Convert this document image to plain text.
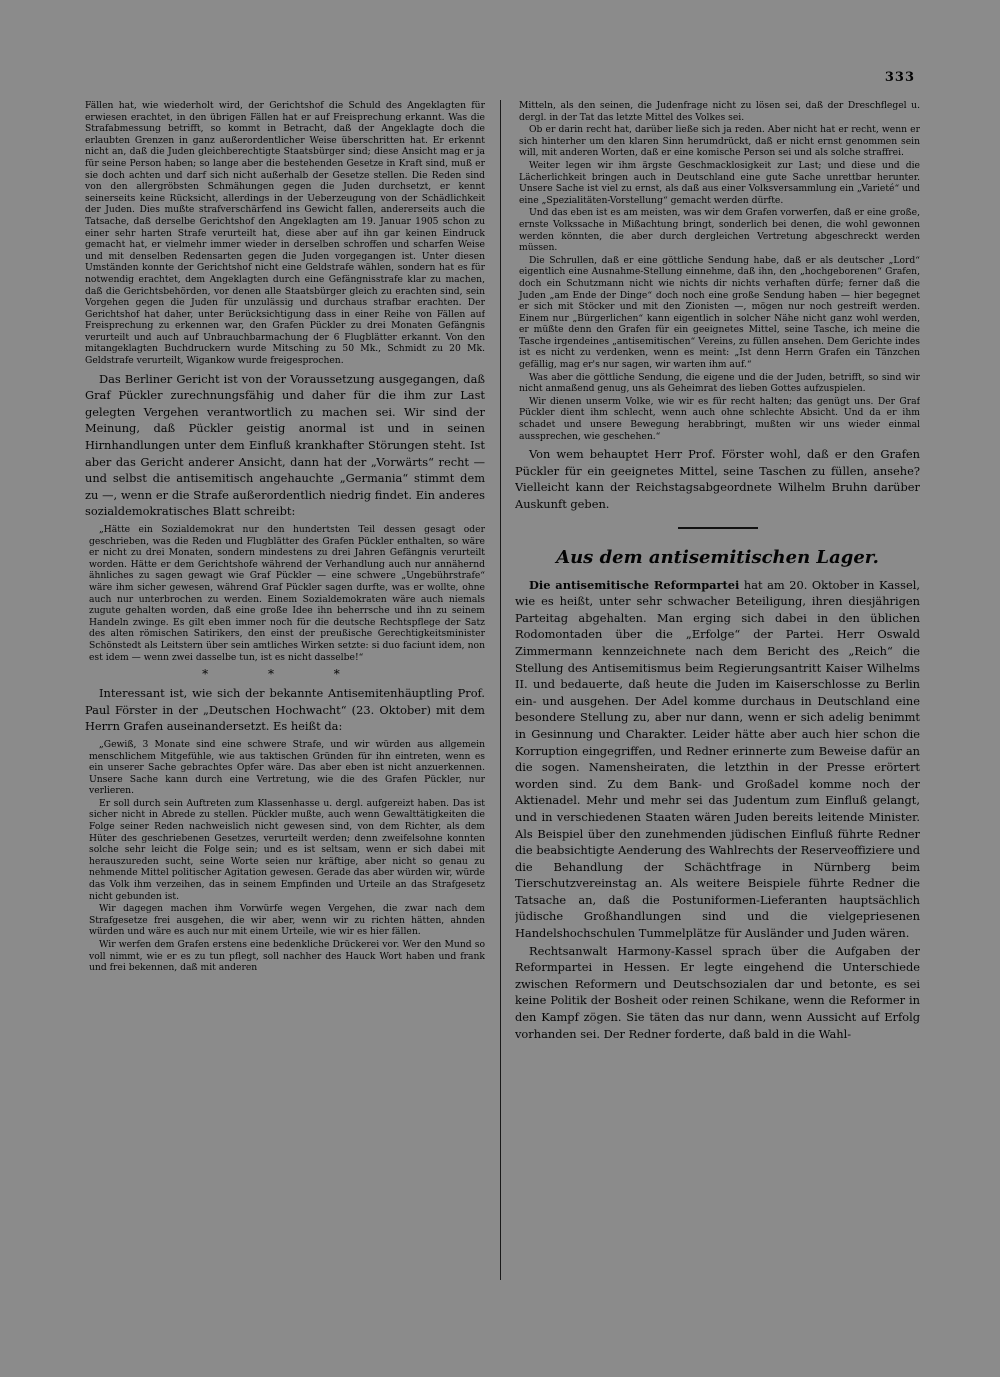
333

Fällen hat, wie wiederholt wird, der Gerichtshof die Schuld des Angeklagten für erwiesen erachtet, in den übrigen Fällen hat er auf Freisprechung erkannt. Was die Strafabmessung betrifft, so kommt in Betracht, daß der Angeklagte doch die erlaubten Grenzen in ganz außerordentlicher Weise überschritten hat. Er erkennt nicht an, daß die Juden gleichberechtigte Staatsbürger sind; diese Ansicht mag er ja für seine Person haben; so lange aber die bestehenden Gesetze in Kraft sind, muß er sie doch achten und darf sich nicht außerhalb der Gesetze stellen. Die Reden sind von den allergröbsten Schmähungen gegen die Juden durchsetzt, er kennt seinerseits keine Rücksicht, allerdings in der Ueberzeugung von der Schädlichkeit der Juden. Dies mußte strafverschärfend ins Gewicht fallen, andererseits auch die Tatsache, daß derselbe Gerichtshof den Angeklagten am 19. Januar 1905 schon zu einer sehr harten Strafe verurteilt hat, diese aber auf ihn gar keinen Eindruck gemacht hat, er vielmehr immer wieder in derselben schroffen und scharfen Weise und mit denselben Redensarten gegen die Juden vorgegangen ist. Unter diesen Umständen konnte der Gerichtshof nicht eine Geldstrafe wählen, sondern hat es für notwendig erachtet, dem Angeklagten durch eine Gefängnisstrafe klar zu machen, daß die Gerichtsbehörden, vor denen alle Staatsbürger gleich zu erachten sind, sein Vorgehen gegen die Juden für unzulässig und durchaus strafbar erachten. Der Gerichtshof hat daher, unter Berücksichtigung dass in einer Reihe von Fällen auf Freisprechung zu erkennen war, den Grafen Pückler zu drei Monaten Gefängnis verurteilt und auch auf Unbrauchbarmachung der 6 Flugblätter erkannt. Von den mitangeklagten Buchdruckern wurde Mitsching zu 50 Mk., Schmidt zu 20 Mk. Geldstrafe verurteilt, Wigankow wurde freigesprochen.

Das Berliner Gericht ist von der Voraussetzung ausgegangen, daß Graf Pückler zurechnungsfähig und daher für die ihm zur Last gelegten Vergehen verantwortlich zu machen sei. Wir sind der Meinung, daß Pückler geistig anormal ist und in seinen Hirnhandlungen unter dem Einfluß krankhafter Störungen steht. Ist aber das Gericht anderer Ansicht, dann hat der „Vorwärts“ recht — und selbst die antisemitisch angehauchte „Germania“ stimmt dem zu —, wenn er die Strafe außerordentlich niedrig findet. Ein anderes sozialdemokratisches Blatt schreibt:

„Hätte ein Sozialdemokrat nur den hundertsten Teil dessen gesagt oder geschrieben, was die Reden und Flugblätter des Grafen Pückler enthalten, so wäre er nicht zu drei Monaten, sondern mindestens zu drei Jahren Gefängnis verurteilt worden. Hätte er dem Gerichtshofe während der Verhandlung auch nur annähernd ähnliches zu sagen gewagt wie Graf Pückler — eine schwere „Ungebührstrafe“ wäre ihm sicher gewesen, während Graf Pückler sagen durfte, was er wollte, ohne auch nur unterbrochen zu werden. Einem Sozialdemokraten wäre auch niemals zugute gehalten worden, daß eine große Idee ihn beherrsche und ihn zu seinem Handeln zwinge. Es gilt eben immer noch für die deutsche Rechtspflege der Satz des alten römischen Satirikers, den einst der preußische Gerechtigkeitsminister Schönstedt als Leitstern über sein amtliches Wirken setzte: si duo faciunt idem, non est idem — wenn zwei dasselbe tun, ist es nicht dasselbe!“

* * *

Interessant ist, wie sich der bekannte Antisemitenhäuptling Prof. Paul Förster in der „Deutschen Hochwacht“ (23. Oktober) mit dem Herrn Grafen auseinandersetzt. Es heißt da:

„Gewiß, 3 Monate sind eine schwere Strafe, und wir würden aus allgemein menschlichem Mitgefühle, wie aus taktischen Gründen für ihn eintreten, wenn es ein unserer Sache gebrachtes Opfer wäre. Das aber eben ist nicht anzuerkennen. Unsere Sache kann durch eine Vertretung, wie die des Grafen Pückler, nur verlieren.

Er soll durch sein Auftreten zum Klassenhasse u. dergl. aufgereizt haben. Das ist sicher nicht in Abrede zu stellen. Pückler mußte, auch wenn Gewalttätigkeiten die Folge seiner Reden nachweislich nicht gewesen sind, von dem Richter, als dem Hüter des geschriebenen Gesetzes, verurteilt werden; denn zweifelsohne konnten solche sehr leicht die Folge sein; und es ist seltsam, wenn er sich dabei mit herauszureden sucht, seine Worte seien nur kräftige, aber nicht so genau zu nehmende Mittel politischer Agitation gewesen. Gerade das aber würden wir, würde das Volk ihm verzeihen, das in seinem Empfinden und Urteile an das Strafgesetz nicht gebunden ist.

Wir dagegen machen ihm Vorwürfe wegen Vergehen, die zwar nach dem Strafgesetze frei ausgehen, die wir aber, wenn wir zu richten hätten, ahnden würden und wäre es auch nur mit einem Urteile, wie wir es hier fällen.

Wir werfen dem Grafen erstens eine bedenkliche Drückerei vor. Wer den Mund so voll nimmt, wie er es zu tun pflegt, soll nachher des Hauck Wort haben und frank und frei bekennen, daß mit anderen

Mitteln, als den seinen, die Judenfrage nicht zu lösen sei, daß der Dreschflegel u. dergl. in der Tat das letzte Mittel des Volkes sei.

Ob er darin recht hat, darüber ließe sich ja reden. Aber nicht hat er recht, wenn er sich hinterher um den klaren Sinn herumdrückt, daß er nicht ernst genommen sein will, mit anderen Worten, daß er eine komische Person sei und als solche straffrei.

Weiter legen wir ihm ärgste Geschmacklosigkeit zur Last; und diese und die Lächerlichkeit bringen auch in Deutschland eine gute Sache unrettbar herunter. Unsere Sache ist viel zu ernst, als daß aus einer Volksversammlung ein „Varieté“ und eine „Spezialitäten-Vorstellung“ gemacht werden dürfte.

Und das eben ist es am meisten, was wir dem Grafen vorwerfen, daß er eine große, ernste Volkssache in Mißachtung bringt, sonderlich bei denen, die wohl gewonnen werden könnten, die aber durch dergleichen Vertretung abgeschreckt werden müssen.

Die Schrullen, daß er eine göttliche Sendung habe, daß er als deutscher „Lord“ eigentlich eine Ausnahme-Stellung einnehme, daß ihn, den „hochgeborenen“ Grafen, doch ein Schutzmann nicht wie nichts dir nichts verhaften dürfe; ferner daß die Juden „am Ende der Dinge“ doch noch eine große Sendung haben — hier begegnet er sich mit Stöcker und mit den Zionisten —, mögen nur noch gestreift werden. Einem nur „Bürgerlichen“ kann eigentlich in solcher Nähe nicht ganz wohl werden, er müßte denn den Grafen für ein geeignetes Mittel, seine Tasche, ich meine die Tasche irgendeines „antisemitischen“ Vereins, zu füllen ansehen. Dem Gerichte indes ist es nicht zu verdenken, wenn es meint: „Ist denn Herrn Grafen ein Tänzchen gefällig, mag er's nur sagen, wir warten ihm auf.“

Was aber die göttliche Sendung, die eigene und die der Juden, betrifft, so sind wir nicht anmaßend genug, uns als Geheimrat des lieben Gottes aufzuspielen.

Wir dienen unserm Volke, wie wir es für recht halten; das genügt uns. Der Graf Pückler dient ihm schlecht, wenn auch ohne schlechte Absicht. Und da er ihm schadet und unsere Bewegung herabbringt, mußten wir uns wieder einmal aussprechen, wie geschehen.“

Von wem behauptet Herr Prof. Förster wohl, daß er den Grafen Pückler für ein geeignetes Mittel, seine Taschen zu füllen, ansehe? Vielleicht kann der Reichstagsabgeordnete Wilhelm Bruhn darüber Auskunft geben.

Aus dem antisemitischen Lager.

Die antisemitische Reformpartei hat am 20. Oktober in Kassel, wie es heißt, unter sehr schwacher Beteiligung, ihren diesjährigen Parteitag abgehalten. Man erging sich dabei in den üblichen Rodomontaden über die „Erfolge“ der Partei. Herr Oswald Zimmermann kennzeichnete nach dem Bericht des „Reich“ die Stellung des Antisemitismus beim Regierungsantritt Kaiser Wilhelms II. und bedauerte, daß heute die Juden im Kaiserschlosse zu Berlin ein- und ausgehen. Der Adel komme durchaus in Deutschland eine besondere Stellung zu, aber nur dann, wenn er sich adelig benimmt in Gesinnung und Charakter. Leider hätte aber auch hier schon die Korruption eingegriffen, und Redner erinnerte zum Beweise dafür an die sogen. Namensheiraten, die letzthin in der Presse erörtert worden sind. Zu dem Bank- und Großadel komme noch der Aktienadel. Mehr und mehr sei das Judentum zum Einfluß gelangt, und in verschiedenen Staaten wären Juden bereits leitende Minister. Als Beispiel über den zunehmenden jüdischen Einfluß führte Redner die beabsichtigte Aenderung des Wahlrechts der Reserveoffiziere und die Behandlung der Schächtfrage in Nürnberg beim Tierschutzvereinstag an. Als weitere Beispiele führte Redner die Tatsache an, daß die Postuniformen-Lieferanten hauptsächlich jüdische Großhandlungen sind und die vielgepriesenen Handelshochschulen Tummelplätze für Ausländer und Juden wären.

Rechtsanwalt Harmony-Kassel sprach über die Aufgaben der Reformpartei in Hessen. Er legte eingehend die Unterschiede zwischen Reformern und Deutschsozialen dar und betonte, es sei keine Politik der Bosheit oder reinen Schikane, wenn die Reformer in den Kampf zögen. Sie täten das nur dann, wenn Aussicht auf Erfolg vorhanden sei. Der Redner forderte, daß bald in die Wahl-
